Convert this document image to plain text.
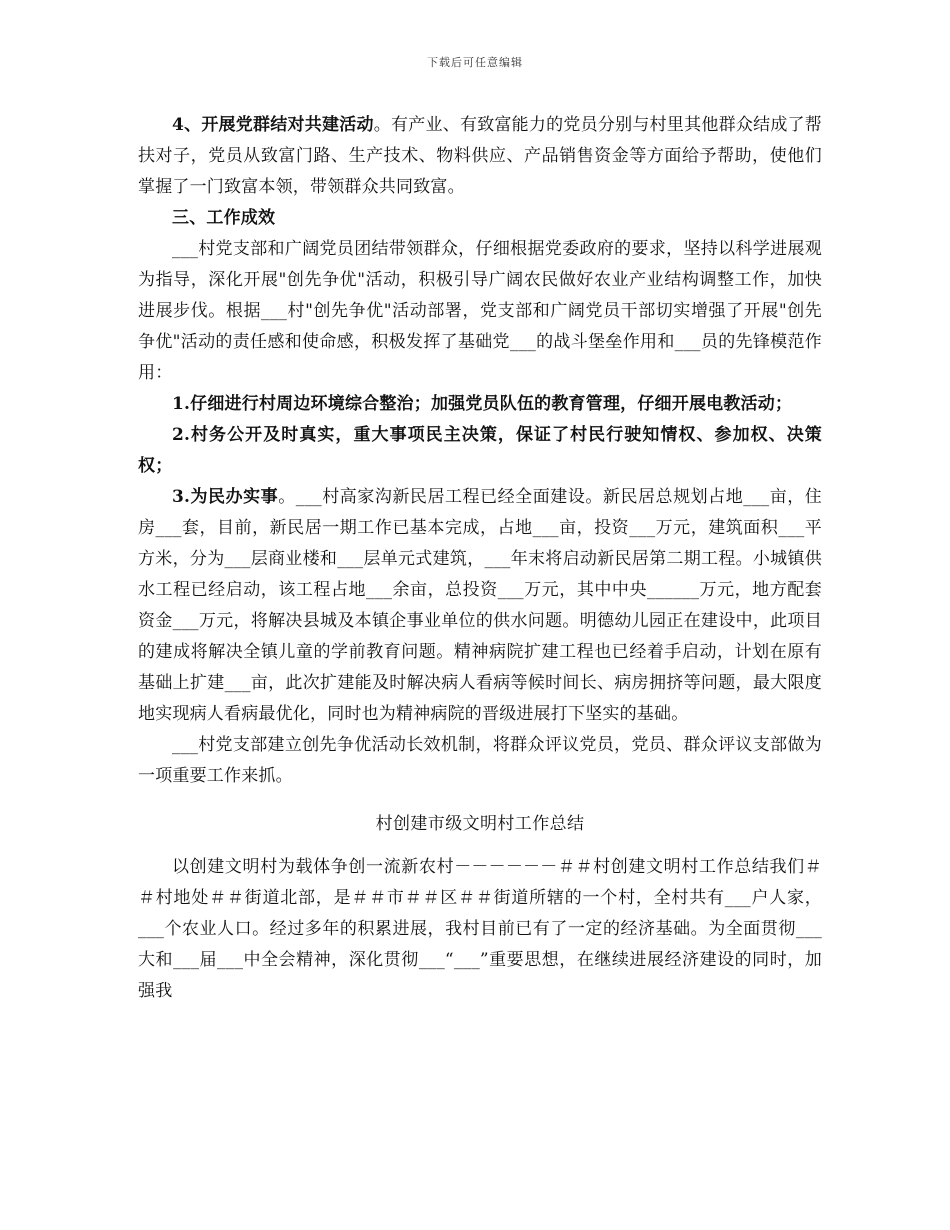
下载后可任意编辑

4、开展党群结对共建活动。有产业、有致富能力的党员分别与村里其他群众结成了帮扶对子，党员从致富门路、生产技术、物料供应、产品销售资金等方面给予帮助，使他们掌握了一门致富本领，带领群众共同致富。

三、工作成效

___村党支部和广阔党员团结带领群众，仔细根据党委政府的要求，坚持以科学进展观为指导，深化开展"创先争优"活动，积极引导广阔农民做好农业产业结构调整工作，加快进展步伐。根据___村"创先争优"活动部署，党支部和广阔党员干部切实增强了开展"创先争优"活动的责任感和使命感，积极发挥了基础党___的战斗堡垒作用和___员的先锋模范作用：

1.仔细进行村周边环境综合整治；加强党员队伍的教育管理，仔细开展电教活动；

2.村务公开及时真实，重大事项民主决策，保证了村民行驶知情权、参加权、决策权；

3.为民办实事。___村高家沟新民居工程已经全面建设。新民居总规划占地___亩，住房___套，目前，新民居一期工作已基本完成，占地___亩，投资___万元，建筑面积___平方米，分为___层商业楼和___层单元式建筑，___年末将启动新民居第二期工程。小城镇供水工程已经启动，该工程占地___余亩，总投资___万元，其中中央______万元，地方配套资金___万元，将解决县城及本镇企事业单位的供水问题。明德幼儿园正在建设中，此项目的建成将解决全镇儿童的学前教育问题。精神病院扩建工程也已经着手启动，计划在原有基础上扩建___亩，此次扩建能及时解决病人看病等候时间长、病房拥挤等问题，最大限度地实现病人看病最优化，同时也为精神病院的晋级进展打下坚实的基础。

___村党支部建立创先争优活动长效机制，将群众评议党员，党员、群众评议支部做为一项重要工作来抓。

村创建市级文明村工作总结

以创建文明村为载体争创一流新农村－－－－－－＃＃村创建文明村工作总结我们＃＃村地处＃＃街道北部，是＃＃市＃＃区＃＃街道所辖的一个村，全村共有___户人家，___个农业人口。经过多年的积累进展，我村目前已有了一定的经济基础。为全面贯彻___大和___届___中全会精神，深化贯彻___“___”重要思想，在继续进展经济建设的同时，加强我
